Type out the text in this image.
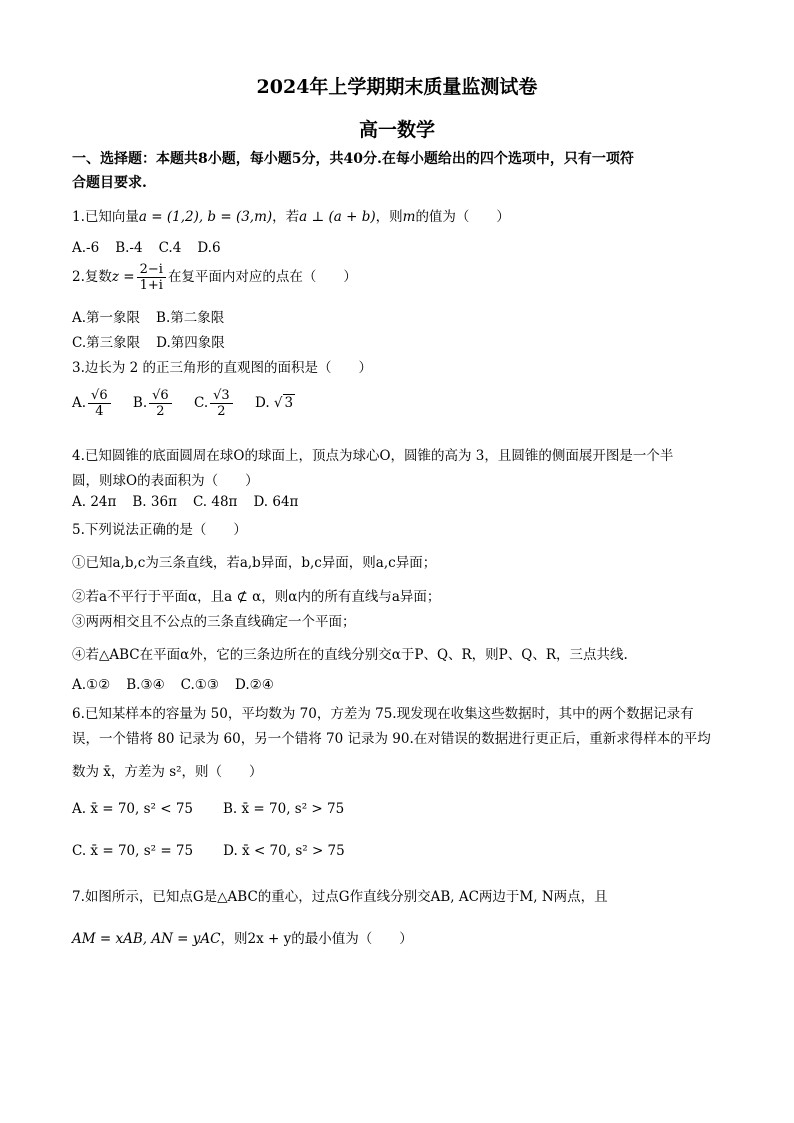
2024年上学期期末质量监测试卷
高一数学
一、选择题：本题共8小题，每小题5分，共40分.在每小题给出的四个选项中，只有一项符
合题目要求.
1.已知向量a = (1,2), b = (3,m)，若a ⊥ (a + b)，则m的值为（　　）
A.-6 B.-4 C.4 D.6
2.复数$z = \frac{2-i}{1+i}$ 在复平面内对应的点在（　　）
A.第一象限 B.第二象限
C.第三象限 D.第四象限
3.边长为 2 的正三角形的直观图的面积是（　　）
A. $\frac{√6}{4} B$. $\frac{√6}{2} C$. $\frac{√3}{2} D$. √ 3
4.已知圆锥的底面圆周在球O的球面上，顶点为球心O，圆锥的高为 3，且圆锥的侧面展开图是一个半
圆，则球O的表面积为（　　）
A. 24π B. 36π C. 48π D. 64π
5.下列说法正确的是（　　）
①已知a,b,c为三条直线，若a,b异面，b,c异面，则a,c异面；
②若a不平行于平面α，且a ⊄ α，则α内的所有直线与a异面；
③两两相交且不公点的三条直线确定一个平面；
④若△ABC在平面α外，它的三条边所在的直线分别交α于P、Q、R，则P、Q、R，三点共线.
A.①② B.③④ C.①③ D.②④
6.已知某样本的容量为 50，平均数为 70，方差为 75.现发现在收集这些数据时，其中的两个数据记录有
误，一个错将 80 记录为 60，另一个错将 70 记录为 90.在对错误的数据进行更正后，重新求得样本的平均
数为 x̄，方差为 s²，则（　　）
A. x̄ = 70, s² < 75 B. x̄ = 70, s² > 75
C. x̄ = 70, s² = 75 D. x̄ < 70, s² > 75
7.如图所示，已知点G是△ABC的重心，过点G作直线分别交AB, AC两边于M, N两点，且
AM = xAB, AN = yAC，则2x + y的最小值为（　　）
